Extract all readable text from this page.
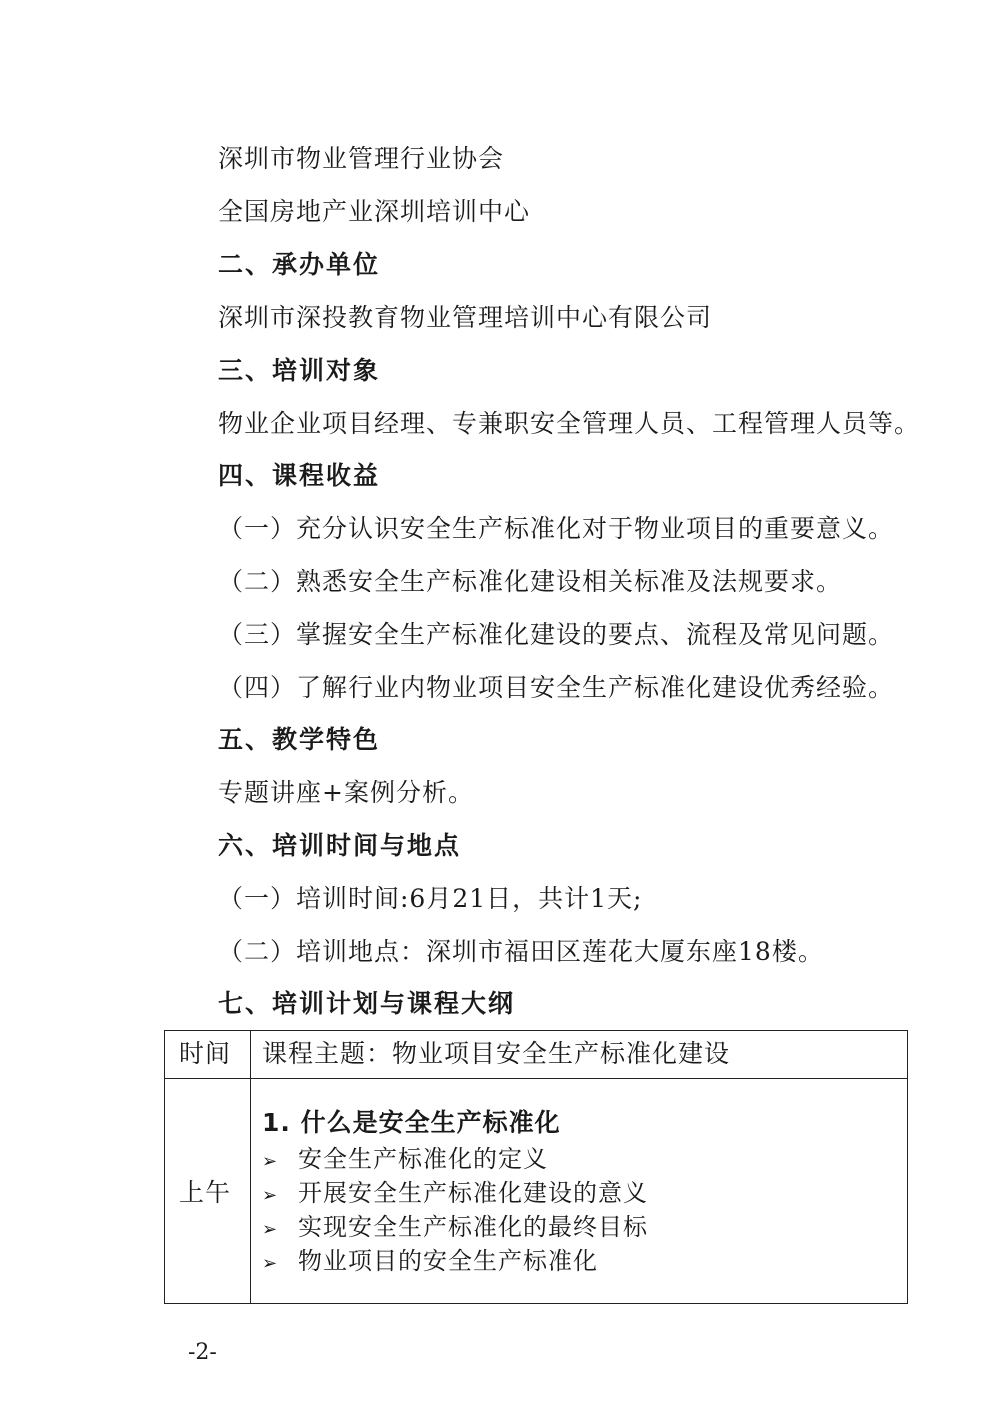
深圳市物业管理行业协会
全国房地产业深圳培训中心
二、承办单位
深圳市深投教育物业管理培训中心有限公司
三、培训对象
物业企业项目经理、专兼职安全管理人员、工程管理人员等。
四、课程收益
（一）充分认识安全生产标准化对于物业项目的重要意义。
（二）熟悉安全生产标准化建设相关标准及法规要求。
（三）掌握安全生产标准化建设的要点、流程及常见问题。
（四）了解行业内物业项目安全生产标准化建设优秀经验。
五、教学特色
专题讲座+案例分析。
六、培训时间与地点
（一）培训时间:6月21日，共计1天;
（二）培训地点：深圳市福田区莲花大厦东座18楼。
七、培训计划与课程大纲
时间 课程主题：物业项目安全生产标准化建设
上午
1. 什么是安全生产标准化
➢ 安全生产标准化的定义
➢ 开展安全生产标准化建设的意义
➢ 实现安全生产标准化的最终目标
➢ 物业项目的安全生产标准化
-2-
